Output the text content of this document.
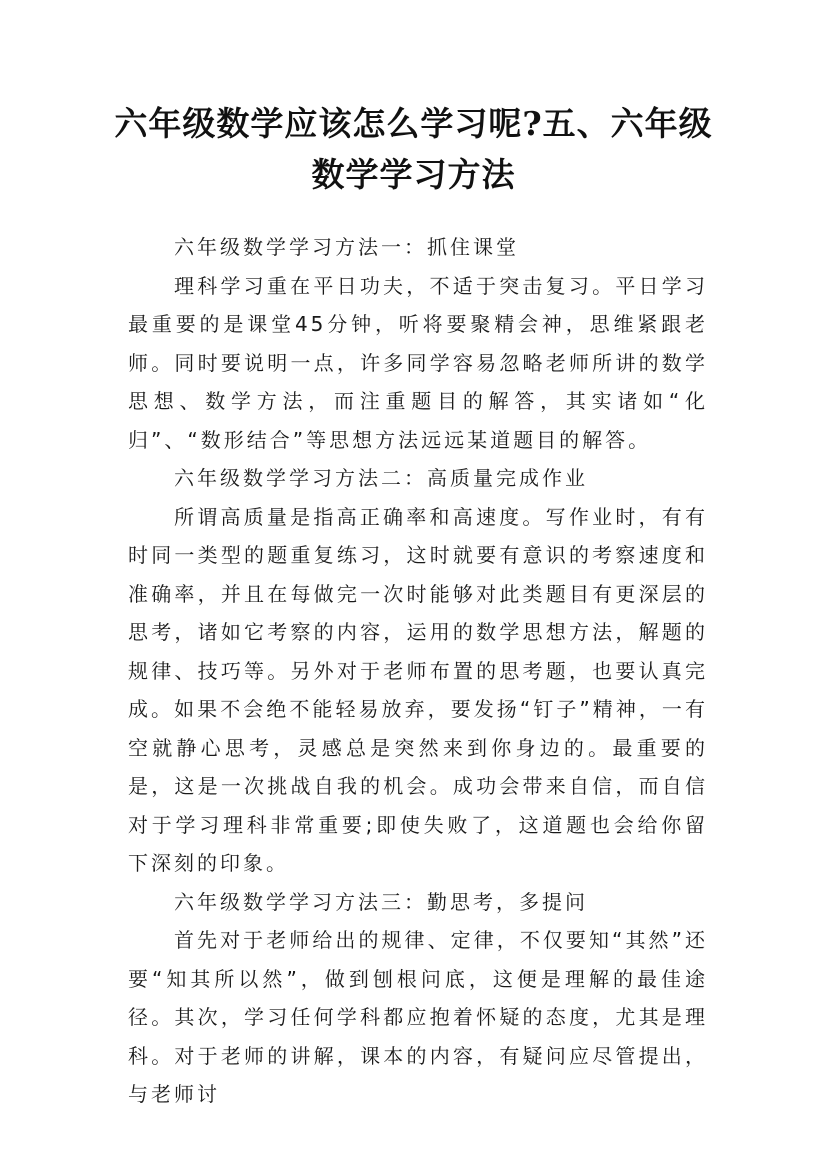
六年级数学应该怎么学习呢?五、六年级数学学习方法

六年级数学学习方法一：抓住课堂

理科学习重在平日功夫，不适于突击复习。平日学习最重要的是课堂45分钟，听将要聚精会神，思维紧跟老师。同时要说明一点，许多同学容易忽略老师所讲的数学思想、数学方法，而注重题目的解答，其实诸如“化归”、“数形结合”等思想方法远远某道题目的解答。

六年级数学学习方法二：高质量完成作业

所谓高质量是指高正确率和高速度。写作业时，有有时同一类型的题重复练习，这时就要有意识的考察速度和准确率，并且在每做完一次时能够对此类题目有更深层的思考，诸如它考察的内容，运用的数学思想方法，解题的规律、技巧等。另外对于老师布置的思考题，也要认真完成。如果不会绝不能轻易放弃，要发扬“钉子”精神，一有空就静心思考，灵感总是突然来到你身边的。最重要的是，这是一次挑战自我的机会。成功会带来自信，而自信对于学习理科非常重要;即使失败了，这道题也会给你留下深刻的印象。

六年级数学学习方法三：勤思考，多提问

首先对于老师给出的规律、定律，不仅要知“其然”还要“知其所以然”，做到刨根问底，这便是理解的最佳途径。其次，学习任何学科都应抱着怀疑的态度，尤其是理科。对于老师的讲解，课本的内容，有疑问应尽管提出，与老师讨
